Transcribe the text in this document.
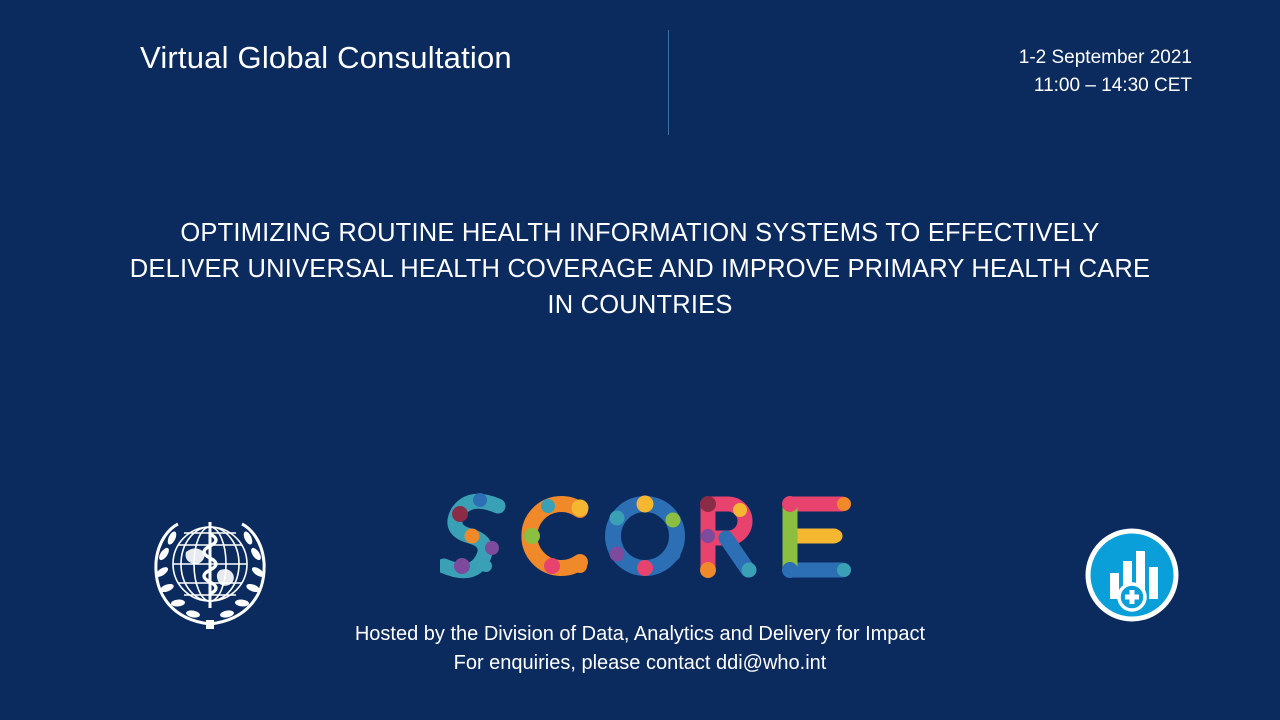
Virtual Global Consultation	1-2 September 2021
11:00 – 14:30 CET
OPTIMIZING ROUTINE HEALTH INFORMATION SYSTEMS TO EFFECTIVELY
DELIVER UNIVERSAL HEALTH COVERAGE AND IMPROVE PRIMARY HEALTH CARE
IN COUNTRIES
Hosted by the Division of Data, Analytics and Delivery for Impact
For enquiries, please contact ddi@who.int
